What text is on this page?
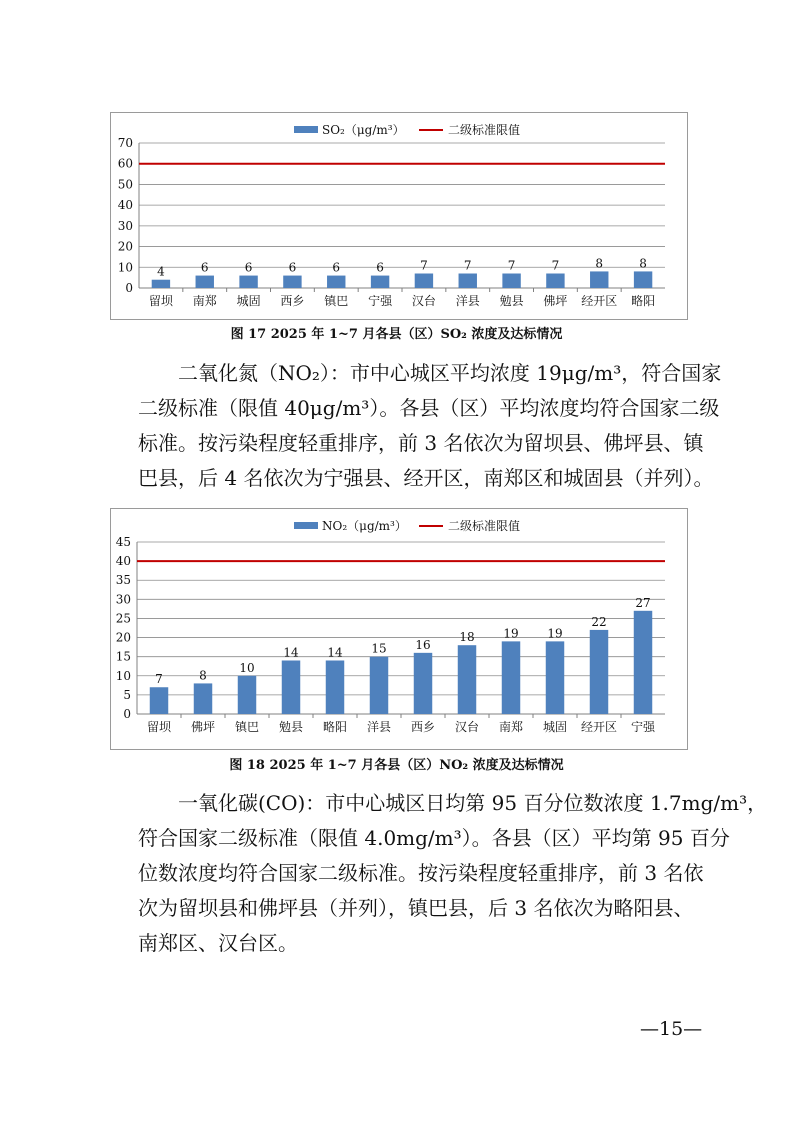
0
10
20
30
40
50
60
70
4
留坝
6
南郑
6
城固
6
西乡
6
镇巴
6
宁强
7
汉台
7
洋县
7
勉县
7
佛坪
8
经开区
8
略阳
SO₂（μg/m³）	二级标准限值
图 17 2025 年 1~7 月各县（区）SO₂ 浓度及达标情况
二氧化氮（NO₂）：市中心城区平均浓度 19μg/m³，符合国家
二级标准（限值 40μg/m³）。各县（区）平均浓度均符合国家二级
标准。按污染程度轻重排序，前 3 名依次为留坝县、佛坪县、镇
巴县，后 4 名依次为宁强县、经开区，南郑区和城固县（并列）。
0
5
10
15
20
25
30
35
40
45
7
留坝
8
佛坪
10
镇巴
14
勉县
14
略阳
15
洋县
16
西乡
18
汉台
19
南郑
19
城固
22
经开区
27
宁强
NO₂（μg/m³）	二级标准限值
图 18 2025 年 1~7 月各县（区）NO₂ 浓度及达标情况
一氧化碳(CO)：市中心城区日均第 95 百分位数浓度 1.7mg/m³，
符合国家二级标准（限值 4.0mg/m³）。各县（区）平均第 95 百分
位数浓度均符合国家二级标准。按污染程度轻重排序，前 3 名依
次为留坝县和佛坪县（并列），镇巴县，后 3 名依次为略阳县、
南郑区、汉台区。
—15—
